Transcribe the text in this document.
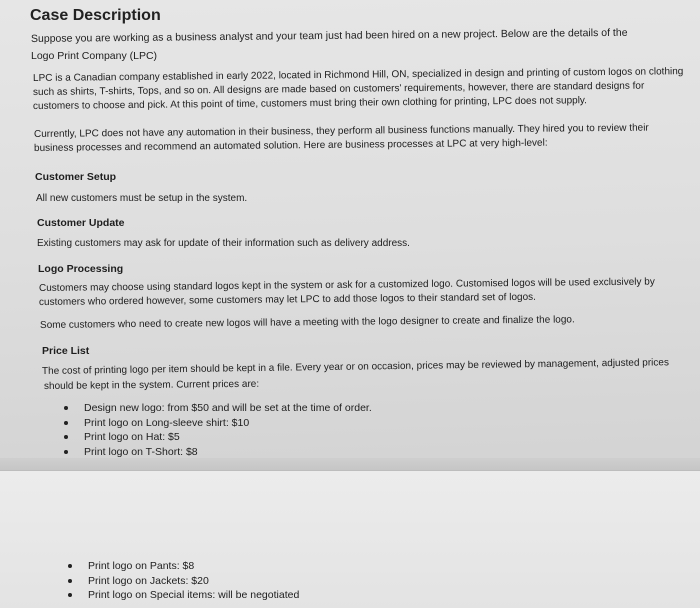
Case Description
Suppose you are working as a business analyst and your team just had been hired on a new project. Below are the details of the
Logo Print Company (LPC)
LPC is a Canadian company established in early 2022, located in Richmond Hill, ON, specialized in design and printing of custom logos on clothing
such as shirts, T-shirts, Tops, and so on. All designs are made based on customers' requirements, however, there are standard designs for
customers to choose and pick. At this point of time, customers must bring their own clothing for printing, LPC does not supply.
Currently, LPC does not have any automation in their business, they perform all business functions manually. They hired you to review their
business processes and recommend an automated solution. Here are business processes at LPC at very high-level:
Customer Setup
All new customers must be setup in the system.
Customer Update
Existing customers may ask for update of their information such as delivery address.
Logo Processing
Customers may choose using standard logos kept in the system or ask for a customized logo. Customised logos will be used exclusively by
customers who ordered however, some customers may let LPC to add those logos to their standard set of logos.
Some customers who need to create new logos will have a meeting with the logo designer to create and finalize the logo.
Price List
The cost of printing logo per item should be kept in a file. Every year or on occasion, prices may be reviewed by management, adjusted prices
should be kept in the system. Current prices are:
Design new logo: from $50 and will be set at the time of order.
Print logo on Long-sleeve shirt: $10
Print logo on Hat: $5
Print logo on T-Short: $8
Print logo on Pants: $8
Print logo on Jackets: $20
Print logo on Special items: will be negotiated
